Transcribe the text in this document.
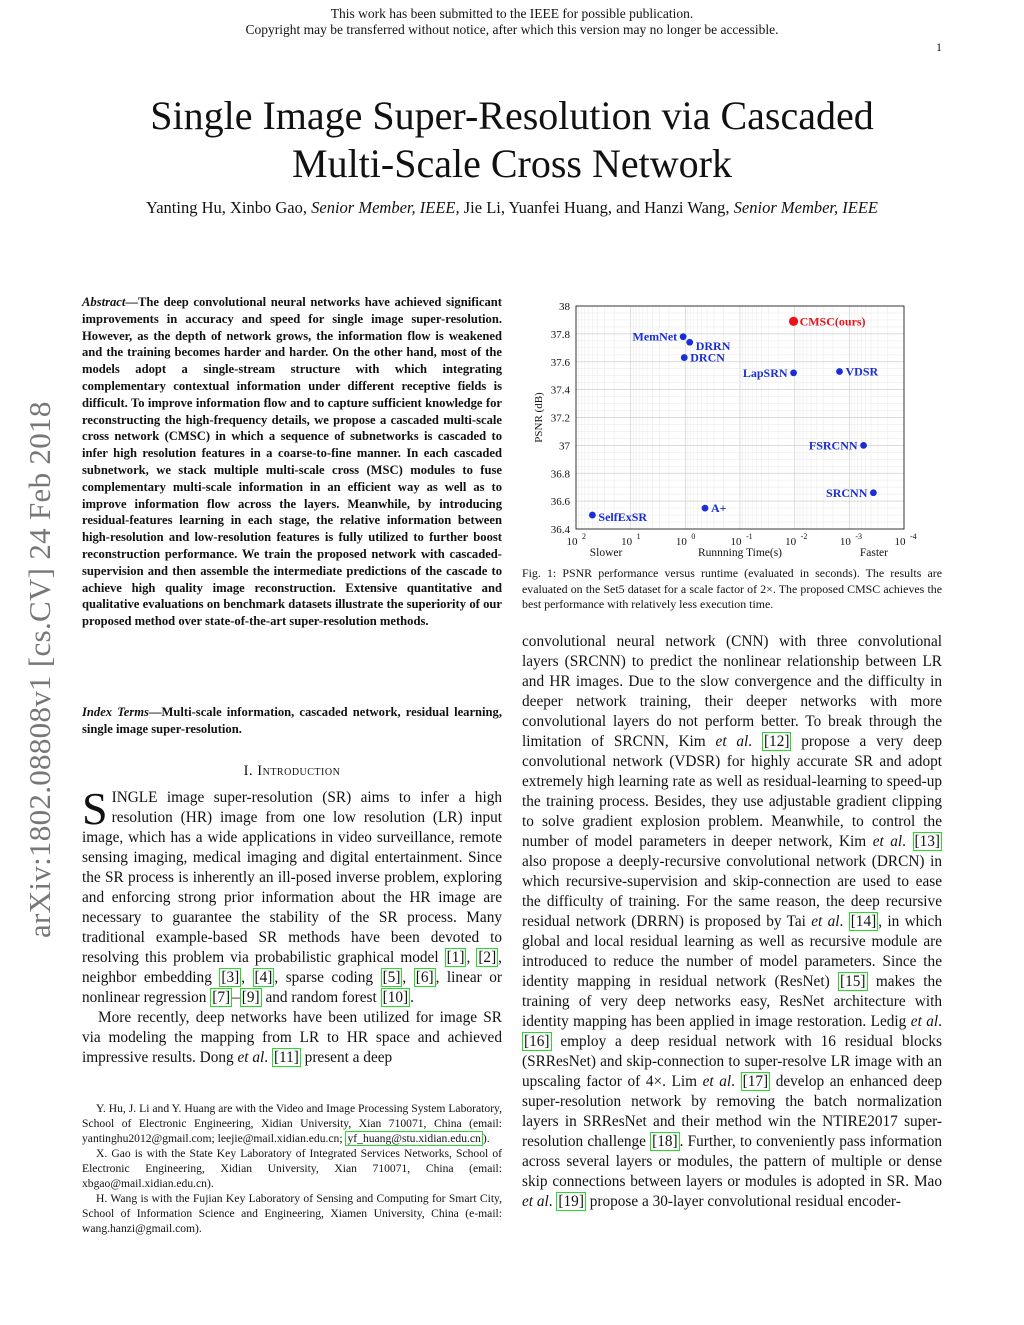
This work has been submitted to the IEEE for possible publication.
Copyright may be transferred without notice, after which this version may no longer be accessible.
1
Single Image Super-Resolution via Cascaded
Multi-Scale Cross Network
Yanting Hu, Xinbo Gao, Senior Member, IEEE, Jie Li, Yuanfei Huang, and Hanzi Wang, Senior Member, IEEE
arXiv:1802.08808v1 [cs.CV] 24 Feb 2018
Abstract—The deep convolutional neural networks have achieved significant improvements in accuracy and speed for single image super-resolution. However, as the depth of network grows, the information flow is weakened and the training becomes harder and harder. On the other hand, most of the models adopt a single-stream structure with which integrating complementary contextual information under different receptive fields is difficult. To improve information flow and to capture sufficient knowledge for reconstructing the high-frequency details, we propose a cascaded multi-scale cross network (CMSC) in which a sequence of subnetworks is cascaded to infer high resolution features in a coarse-to-fine manner. In each cascaded subnetwork, we stack multiple multi-scale cross (MSC) modules to fuse complementary multi-scale information in an efficient way as well as to improve information flow across the layers. Meanwhile, by introducing residual-features learning in each stage, the relative information between high-resolution and low-resolution features is fully utilized to further boost reconstruction performance. We train the proposed network with cascaded-supervision and then assemble the intermediate predictions of the cascade to achieve high quality image reconstruction. Extensive quantitative and qualitative evaluations on benchmark datasets illustrate the superiority of our proposed method over state-of-the-art super-resolution methods.
Index Terms—Multi-scale information, cascaded network, residual learning, single image super-resolution.
I. Introduction

SINGLE image super-resolution (SR) aims to infer a high resolution (HR) image from one low resolution (LR) input image, which has a wide applications in video surveillance, remote sensing imaging, medical imaging and digital entertainment. Since the SR process is inherently an ill-posed inverse problem, exploring and enforcing strong prior information about the HR image are necessary to guarantee the stability of the SR process. Many traditional example-based SR methods have been devoted to resolving this problem via probabilistic graphical model [1] , [2] , neighbor embedding [3] , [4] , sparse coding [5] , [6] , linear or nonlinear regression [7] – [9] and random forest [10] .

More recently, deep networks have been utilized for image SR via modeling the mapping from LR to HR space and achieved impressive results. Dong et al. [11] present a deep

Y. Hu, J. Li and Y. Huang are with the Video and Image Processing System Laboratory, School of Electronic Engineering, Xidian University, Xian 710071, China (email: yantinghu2012@gmail.com; leejie@mail.xidian.edu.cn; yf_huang@stu.xidian.edu.cn ).

X. Gao is with the State Key Laboratory of Integrated Services Networks, School of Electronic Engineering, Xidian University, Xian 710071, China (email: xbgao@mail.xidian.edu.cn).

H. Wang is with the Fujian Key Laboratory of Sensing and Computing for Smart City, School of Information Science and Engineering, Xiamen University, China (e-mail: wang.hanzi@gmail.com).

36.4
36.6
36.8
37
37.2
37.4
37.6
37.8
38
10 2	10 1	10 0	10 -1	10 -2	10 -3	10 -4
PSNR (dB)
Runnning Time(s)
Slower	Faster
CMSC(ours)
MemNet
DRRN
DRCN
LapSRN	VDSR
FSRCNN
SRCNN
A+
SelfExSR
Fig. 1: PSNR performance versus runtime (evaluated in seconds). The results are evaluated on the Set5 dataset for a scale factor of 2×. The proposed CMSC achieves the best performance with relatively less execution time.

convolutional neural network (CNN) with three convolutional layers (SRCNN) to predict the nonlinear relationship between LR and HR images. Due to the slow convergence and the difficulty in deeper network training, their deeper networks with more convolutional layers do not perform better. To break through the limitation of SRCNN, Kim et al. [12] propose a very deep convolutional network (VDSR) for highly accurate SR and adopt extremely high learning rate as well as residual-learning to speed-up the training process. Besides, they use adjustable gradient clipping to solve gradient explosion problem. Meanwhile, to control the number of model parameters in deeper network, Kim et al. [13] also propose a deeply-recursive convolutional network (DRCN) in which recursive-supervision and skip-connection are used to ease the difficulty of training. For the same reason, the deep recursive residual network (DRRN) is proposed by Tai et al. [14] , in which global and local residual learning as well as recursive module are introduced to reduce the number of model parameters. Since the identity mapping in residual network (ResNet) [15] makes the training of very deep networks easy, ResNet architecture with identity mapping has been applied in image restoration. Ledig et al. [16] employ a deep residual network with 16 residual blocks (SRResNet) and skip-connection to super-resolve LR image with an upscaling factor of 4×. Lim et al. [17] develop an enhanced deep super-resolution network by removing the batch normalization layers in SRResNet and their method win the NTIRE2017 super-resolution challenge [18] . Further, to conveniently pass information across several layers or modules, the pattern of multiple or dense skip connections between layers or modules is adopted in SR. Mao et al. [19] propose a 30-layer convolutional residual encoder-
